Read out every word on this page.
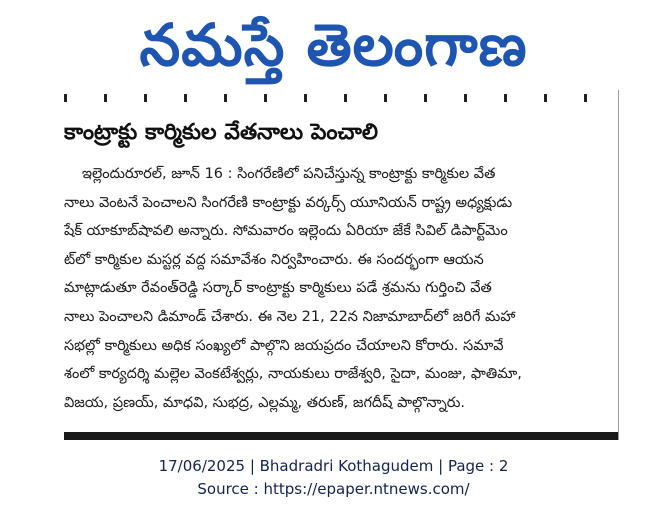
నమస్తే తెలంగాణ
కాంట్రాక్టు కార్మికుల వేతనాలు పెంచాలి
ఇల్లెందురూరల్‌, జూన్‌ 16 : సింగరేణిలో పనిచేస్తున్న కాంట్రాక్టు కార్మికుల వేత
నాలు వెంటనే పెంచాలని సింగరేణి కాంట్రాక్టు వర్కర్స్‌ యూనియన్‌ రాష్ట్ర అధ్యక్షుడు
షేక్‌ యాకూబ్‌షావలి అన్నారు. సోమవారం ఇల్లెందు ఏరియా జేకే సివిల్‌ డిపార్ట్‌మెం
ట్‌లో కార్మికుల మస్టర్ల వద్ద సమావేశం నిర్వహించారు. ఈ సందర్భంగా ఆయన
మాట్లాడుతూ రేవంత్‌రెడ్డి సర్కార్‌ కాంట్రాక్టు కార్మికులు పడే శ్రమను గుర్తించి వేత
నాలు పెంచాలని డిమాండ్‌ చేశారు. ఈ నెల 21, 22న నిజామాబాద్‌లో జరిగే మహా
సభల్లో కార్మికులు అధిక సంఖ్యలో పాల్గొని జయప్రదం చేయాలని కోరారు. సమావే
శంలో కార్యదర్శి మల్లెల వెంకటేశ్వర్లు, నాయకులు రాజేశ్వరి, సైదా, మంజు, ఫాతిమా,
విజయ, ప్రణయ్‌, మాధవి, సుభద్ర, ఎల్లమ్మ, తరుణ్‌, జగదీష్‌ పాల్గొన్నారు.
17/06/2025 | Bhadradri Kothagudem | Page : 2
Source : https://epaper.ntnews.com/
